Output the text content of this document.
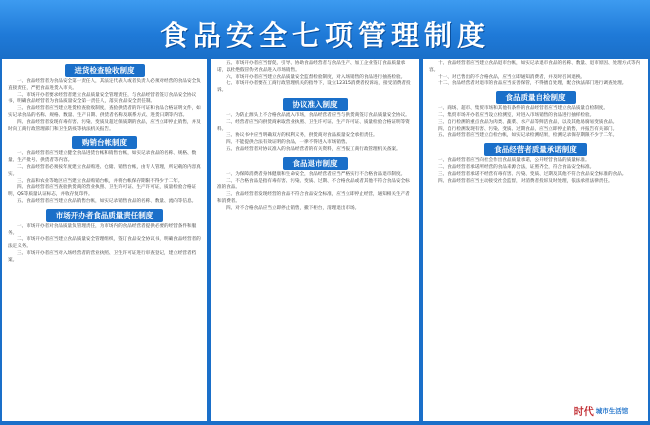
食品安全七项管理制度
进货检查验收制度

一、食品经营者为食品安全第一责任人，其法定代表人或者负责人必须对经营的食品安全负直接责任，严把食品进货入市关。

二、市场开办者要求经营者建立食品质量安全管理责任，与食品经营者签订食品安全协议书，明确食品经营者为食品质量安全第一责任人，落实食品安全责任制。

三、食品经营者应当建立进货检查验收制度，查验供货者的许可证和食品合格证明文件，如实记录食品的名称、规格、数量、生产日期、供货者名称及联系方式、进货日期等内容。

四、食品经营者发现有毒有害、污染、变质及超过保质期的食品，应当立即停止销售，并及时向工商行政管理部门和卫生防疫等执法机关报告。

购销台帐制度

一、食品经营者应当建立健全食品进货台帐和销售台帐，如实记录食品的名称、规格、数量、生产批号、供货者等内容。

二、食品经营者必须按年度建立食品购进、仓储、销售台帐，由专人管理，所记载的内容真实。

三、食品和农业等地区应当建立食品购销台帐，并将台帐保存期限不得少于二年。

四、食品经营者应当查验供货商的营业执照、卫生许可证、生产许可证，质量检验合格证明，QS等质量认证标志，并收存复印件。

五、食品经营者应当建立食品销售台帐，如实记录销售食品的名称、数量、流向等信息。

市场开办者食品质量责任制度

一、市场开办者对食品质量负管理责任，为市场内的食品经营者提供必要的经营条件和服务。

二、市场开办者应当建立食品质量安全管理组织，签订食品安全协议书，明确食品经营者的法定义务。

三、市场开办者应当对入场经营者的营业执照、卫生许可证进行审查登记，建立经营者档案。

五、市场开办者应当督促、引导、协助食品经营者与食品生产、加工企业签订食品质量承诺，以杜绝假冒伪劣食品进入市场销售。

六、市场开办者应当建立食品质量安全监督检验制度，对入场销售的食品进行抽查检验。

七、市场开办者要在工商行政管理机关的指导下，设立12315消费者投诉站，接受消费者投诉。

协议准入制度

一、为防止源头上不合格食品流入市场，食品经营者应当与供货商签订食品质量安全协议。

二、经营者应当向供货商索取营业执照、卫生许可证、生产许可证、质量检验合格证明等资料。

三、协议书中应当明确双方的权利义务，供货商对食品质量安全承担责任。

四、不能提供合法有效证明的食品，一律不得进入市场销售。

五、食品经营者对协议准入的食品经营者的有关资料，应当报工商行政管理机关备案。

食品退市制度

一、为保障消费者身体健康和生命安全，食品经营者应当严格实行不合格食品退市制度。

二、不合格食品是指有毒有害、污染、变质、过期、不合格食品或者其他不符合食品安全标准的食品。

三、食品经营者发现经营的食品不符合食品安全标准，应当立即停止经营，通知相关生产者和消费者。

四、对不合格食品应当立即停止销售，撤下柜台，清理退出市场。

十、食品经营者应当建立食品退市台帐，如实记录退市食品的名称、数量、退市原因、处理方式等内容。

十一、对已售出的不合格食品，应当立即通知消费者，并及时召回退换。

十二、食品经营者对退市的食品应当妥善保管，不得擅自处理，配合执法部门进行调查处理。

食品质量自检制度

一、商场、超市、集贸市场和其他有条件的食品经营者应当建立食品质量自检制度。

二、集贸市场开办者应当设立检测室，对进入市场销售的食品进行抽样检验。

三、自行检测的重点食品为肉类、蔬菜、水产品等鲜活食品，以及其他易腐易变质食品。

四、自行检测发现有害、污染、变质、过期食品，应当立即停止销售，并报告有关部门。

五、食品经营者应当建立自检台帐，如实记录检测结果，检测记录保存期限不少于二年。

食品经营者质量承诺制度

一、食品经营者应当向社会作出食品质量承诺，公开经营食品的质量标准。

二、食品经营者承诺所经营的食品来源合法，证照齐全，符合食品安全标准。

三、食品经营者承诺不经营有毒有害、污染、变质、过期及其他不符合食品安全标准的食品。

四、食品经营者应当主动接受社会监督，对消费者投诉及时处理，依法承担法律责任。

时代 城市生活馆
